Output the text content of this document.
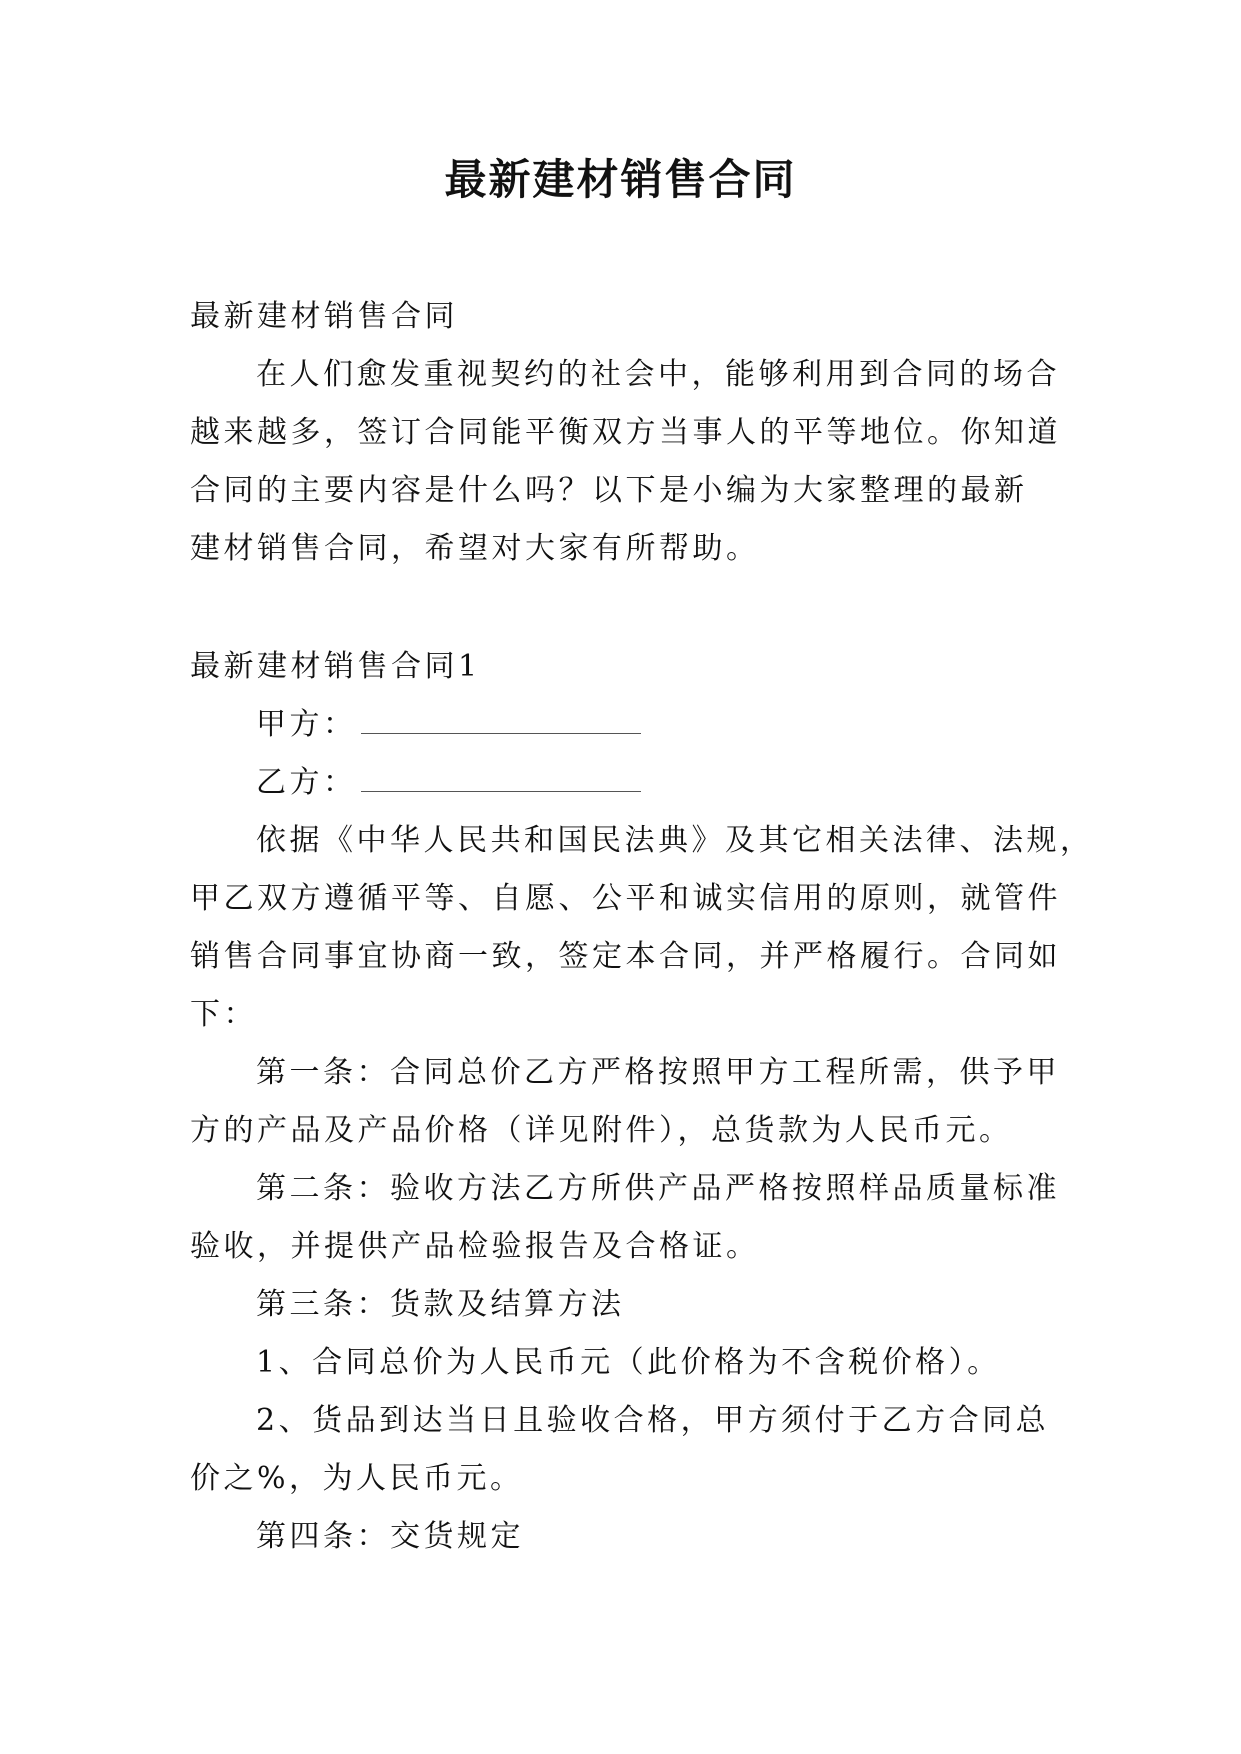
最新建材销售合同

最新建材销售合同

在人们愈发重视契约的社会中，能够利用到合同的场合

越来越多，签订合同能平衡双方当事人的平等地位。你知道

合同的主要内容是什么吗？以下是小编为大家整理的最新

建材销售合同，希望对大家有所帮助。

最新建材销售合同1

甲方：

乙方：

依据《中华人民共和国民法典》及其它相关法律、法规，

甲乙双方遵循平等、自愿、公平和诚实信用的原则，就管件

销售合同事宜协商一致，签定本合同，并严格履行。合同如

下：

第一条：合同总价乙方严格按照甲方工程所需，供予甲

方的产品及产品价格（详见附件），总货款为人民币元。

第二条：验收方法乙方所供产品严格按照样品质量标准

验收，并提供产品检验报告及合格证。

第三条：货款及结算方法

1、合同总价为人民币元（此价格为不含税价格）。

2、货品到达当日且验收合格，甲方须付于乙方合同总

价之%，为人民币元。

第四条：交货规定
